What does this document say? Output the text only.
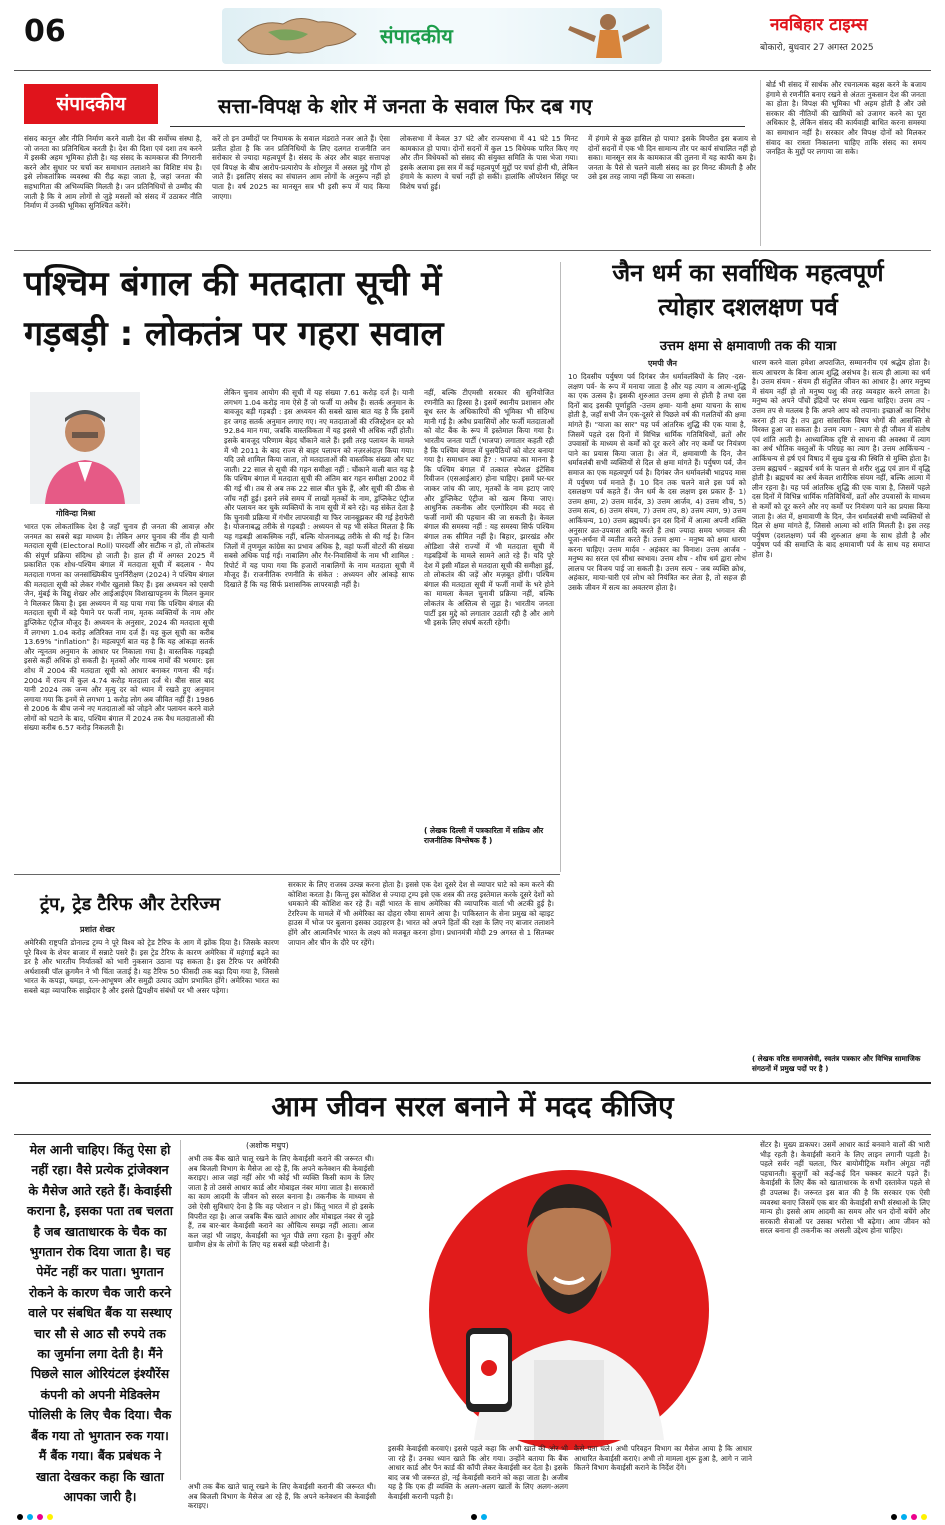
06	संपादकीय	नवबिहार टाइम्स
बोकारो, बुधवार 27 अगस्त 2025
संपादकीय	सत्ता-विपक्ष के शोर में जनता के सवाल फिर दब गए
संसद कानून और नीति निर्माण करने वाली देश की सर्वोच्च संस्था है, जो जनता का प्रतिनिधित्व करती है। देश की दिशा एवं दशा तय करने में इसकी अहम भूमिका होती है। यह संसद के कामकाज की निगरानी करने और सुधार पर चर्चा कर समाधान तलाशने का विशिष्ट मंच है। इसे लोकतांत्रिक व्यवस्था की रीढ़ कहा जाता है, जहां जनता की सहभागिता की अभिव्यक्ति मिलती है। जन प्रतिनिधियों से उम्मीद की जाती है कि वे आम लोगों से जुड़े मसलों को संसद में उठाकर नीति निर्माण में उनकी भूमिका सुनिश्चित करेंगे।
करें तो इन उम्मीदों पर नियामक के सवाल मंडराते नजर आते हैं। ऐसा प्रतीत होता है कि जन प्रतिनिधियों के लिए दलगत राजनीति जन सरोकार से ज्यादा महत्वपूर्ण है। संसद के अंदर और बाहर सत्तापक्ष एवं विपक्ष के बीच आरोप-प्रत्यारोप के शोरगुल में असल मुद्दे गौण हो जाते हैं। इसलिए संसद का संचालन आम लोगों के अनुरूप नहीं हो पाता है। वर्ष 2025 का मानसून सत्र भी इसी रूप में याद किया जाएगा।
लोकसभा में केवल 37 घंटे और राज्यसभा में 41 घंटे 15 मिनट कामकाज हो पाया। दोनों सदनों में कुल 15 विधेयक पारित किए गए और तीन विधेयकों को संसद की संयुक्त समिति के पास भेजा गया। इसके अलावा इस सत्र में कई महत्वपूर्ण मुद्दों पर चर्चा होनी थी, लेकिन हंगामे के कारण वे चर्चा नहीं हो सकीं। हालांकि ऑपरेशन सिंदूर पर विशेष चर्चा हुई।
में हंगामे से कुछ हासिल हो पाया? इसके विपरीत इस बजाय से दोनों सदनों में एक भी दिन सामान्य तौर पर कार्य संचालित नहीं हो सका। मानसून सत्र के कामकाज की तुलना में यह काफी कम है। जनता के पैसे से चलने वाली संसद का हर मिनट कीमती है और उसे इस तरह जाया नहीं किया जा सकता।
बोर्ड भी संसद में सार्थक और रचनात्मक बहस करने के बजाय हंगामे से रणनीति बनाए रखने से अंततः नुकसान देश की जनता का होता है। विपक्ष की भूमिका भी अहम होती है और उसे सरकार की नीतियों की खामियों को उजागर करने का पूरा अधिकार है, लेकिन संसद की कार्यवाही बाधित करना समस्या का समाधान नहीं है। सरकार और विपक्ष दोनों को मिलकर संवाद का रास्ता निकालना चाहिए ताकि संसद का समय जनहित के मुद्दों पर लगाया जा सके।
पश्चिम बंगाल की मतदाता सूची में
गड़बड़ी : लोकतंत्र पर गहरा सवाल
गोविन्दा मिश्रा
भारत एक लोकतांत्रिक देश है जहाँ चुनाव ही जनता की आवाज़ और जनमत का सबसे बड़ा माध्यम है। लेकिन अगर चुनाव की नींव ही यानी मतदाता सूची (Electoral Roll) पारदर्शी और सटीक न हो, तो लोकतंत्र की संपूर्ण प्रक्रिया संदिग्ध हो जाती है। हाल ही में अगस्त 2025 में प्रकाशित एक शोध-पश्चिम बंगाल में मतदाता सूची में बदलाव - मैप मतदाता गणना का जनसांख्यिकीय पुनर्निरीक्षण (2024) ने पश्चिम बंगाल की मतदाता सूची को लेकर गंभीर खुलासे किए हैं। इस अध्ययन को एसपी जैन, मुंबई के विद्यु शेखर और आईआईएम विशाखापट्टनम के मिलन कुमार ने मिलकर किया है। इस अध्ययन में यह पाया गया कि पश्चिम बंगाल की मतदाता सूची में बड़े पैमाने पर फर्जी नाम, मृतक व्यक्तियों के नाम और डुप्लिकेट एंट्रीज मौजूद हैं। अध्ययन के अनुसार, 2024 की मतदाता सूची में लगभग 1.04 करोड़ अतिरिक्त नाम दर्ज हैं। यह कुल सूची का करीब 13.69% "inflation" है। महत्वपूर्ण बात यह है कि यह आंकड़ा सतर्क और न्यूनतम अनुमान के आधार पर निकाला गया है। वास्तविक गड़बड़ी इससे कहीं अधिक हो सकती है। मृतकों और गायब नामों की भरमार: इस शोध में 2004 की मतदाता सूची को आधार बनाकर गणना की गई। 2004 में राज्य में कुल 4.74 करोड़ मतदाता दर्ज थे। बीस साल बाद यानी 2024 तक जन्म और मृत्यु दर को ध्यान में रखते हुए अनुमान लगाया गया कि इनमें से लगभग 1 करोड़ लोग अब जीवित नहीं हैं। 1986 से 2006 के बीच जन्मे नए मतदाताओं को जोड़ने और पलायन करने वाले लोगों को घटाने के बाद, पश्चिम बंगाल में 2024 तक वैध मतदाताओं की संख्या करीब 6.57 करोड़ निकलती है।
लेकिन चुनाव आयोग की सूची में यह संख्या 7.61 करोड़ दर्ज है। यानी लगभग 1.04 करोड़ नाम ऐसे हैं जो फर्जी या अवैध हैं। सतर्क अनुमान के बावजूद बड़ी गड़बड़ी : इस अध्ययन की सबसे खास बात यह है कि इसमें हर जगह सतर्क अनुमान लगाए गए। नए मतदाताओं की रजिस्ट्रेशन दर को 92.84 मान गया, जबकि वास्तविकता में यह इससे भी अधिक नहीं होती। इसके बावजूद परिणाम बेहद चौंकाने वाले हैं। इसी तरह पलायन के मामले में भी 2011 के बाद राज्य से बाहर पलायन को नज़रअंदाज़ किया गया। यदि उसे शामिल किया जाता, तो मतदाताओं की वास्तविक संख्या और घट जाती। 22 साल से सूची की गहन समीक्षा नहीं : चौंकाने वाली बात यह है कि पश्चिम बंगाल में मतदाता सूची की अंतिम बार गहन समीक्षा 2002 में की गई थी। तब से अब तक 22 साल बीत चुके हैं, और सूची की ठीक से जाँच नहीं हुई। इसने लंबे समय में लाखों मृतकों के नाम, डुप्लिकेट एंट्रीज और पलायन कर चुके व्यक्तियों के नाम सूची में बने रहे। यह संकेत देता है कि चुनावी प्रक्रिया में गंभीर लापरवाही या फिर जानबूझकर की गई हेराफेरी है। योजनाबद्ध तरीके से गड़बड़ी : अध्ययन से यह भी संकेत मिलता है कि यह गड़बड़ी आकस्मिक नहीं, बल्कि योजनाबद्ध तरीके से की गई है। जिन जिलों में तृणमूल कांग्रेस का प्रभाव अधिक है, वहां फर्जी वोटरों की संख्या सबसे अधिक पाई गई। नाबालिग और गैर-निवासियों के नाम भी शामिल : रिपोर्ट में यह पाया गया कि हजारों नाबालिगों के नाम मतदाता सूची में मौजूद हैं। राजनीतिक रणनीति के संकेत : अध्ययन और आंकड़े साफ दिखाते हैं कि यह सिर्फ प्रशासनिक लापरवाही नहीं है।
नहीं, बल्कि टीएमसी सरकार की सुनियोजित रणनीति का हिस्सा है। इसमें स्थानीय प्रशासन और बूथ स्तर के अधिकारियों की भूमिका भी संदिग्ध मानी गई है। अवैध प्रवासियों और फर्जी मतदाताओं को वोट बैंक के रूप में इस्तेमाल किया गया है। भारतीय जनता पार्टी (भाजपा) लगातार कहती रही है कि पश्चिम बंगाल में घुसपैठियों को वोटर बनाया गया है। समाधान क्या है? : भाजपा का मानना है कि पश्चिम बंगाल में तत्काल स्पेशल इंटेंसिव रिवीजन (एसआईआर) होना चाहिए। इसमें घर-घर जाकर जांच की जाए, मृतकों के नाम हटाए जाएं और डुप्लिकेट एंट्रीज को खत्म किया जाए। आधुनिक तकनीक और एल्गोरिदम की मदद से फर्जी नामों की पहचान की जा सकती है। केवल बंगाल की समस्या नहीं : यह समस्या सिर्फ पश्चिम बंगाल तक सीमित नहीं है। बिहार, झारखंड और ओडिशा जैसे राज्यों में भी मतदाता सूची में गड़बड़ियों के मामले सामने आते रहे हैं। यदि पूरे देश में इसी मॉडल से मतदाता सूची की समीक्षा हुई, तो लोकतंत्र की जड़ें और मज़बूत होंगी। पश्चिम बंगाल की मतदाता सूची में फर्जी नामों के भरे होने का मामला केवल चुनावी प्रक्रिया नहीं, बल्कि लोकतंत्र के अस्तित्व से जुड़ा है। भारतीय जनता पार्टी इस मुद्दे को लगातार उठाती रही है और आगे भी इसके लिए संघर्ष करती रहेगी।
( लेखक दिल्ली में पत्रकारिता में सक्रिय और राजनीतिक विश्लेषक हैं )
जैन धर्म का सर्वाधिक महत्वपूर्ण
त्योहार दशलक्षण पर्व
उत्तम क्षमा से क्षमावाणी तक की यात्रा
एमपी जैन
10 दिवसीय पर्युषण पर्व दिगंबर जैन धर्मावलंबियों के लिए -दस-लक्षण पर्व- के रूप में मनाया जाता है और यह त्याग व आत्म-शुद्धि का एक उत्सव है। इसकी शुरुआत उत्तम क्षमा से होती है तथा दस दिनों बाद इसकी पूर्णाहुति -उत्तम क्षमा- यानी क्षमा याचना के साथ होती है, जहाँ सभी जैन एक-दूसरे से पिछले वर्ष की गलतियों की क्षमा मांगते हैं। "याजा का सार" यह पर्व आंतरिक शुद्धि की एक यात्रा है, जिसमें पहले दस दिनों में विभिन्न धार्मिक गतिविधियों, व्रतों और उपवासों के माध्यम से कर्मों को दूर करने और नए कर्मों पर नियंत्रण पाने का प्रयास किया जाता है। अंत में, क्षमावाणी के दिन, जैन धर्मावलंबी सभी व्यक्तियों से दिल से क्षमा मांगते हैं। पर्युषण पर्व, जैन समाज का एक महत्वपूर्ण पर्व है। दिगंबर जैन धर्मावलंबी भाद्रपद मास में पर्युषण पर्व मनाते हैं। 10 दिन तक चलने वाले इस पर्व को दसलक्षण पर्व कहते हैं। जैन धर्म के दस लक्षण इस प्रकार हैं- 1) उत्तम क्षमा, 2) उत्तम मार्दव, 3) उत्तम आर्जव, 4) उत्तम शौच, 5) उत्तम सत्य, 6) उत्तम संयम, 7) उत्तम तप, 8) उत्तम त्याग, 9) उत्तम आकिंचन्य, 10) उत्तम ब्रह्मचर्य। इन दस दिनों में आत्मा अपनी शक्ति अनुसार व्रत-उपवास आदि करते हैं तथा ज्यादा समय भगवान की पूजा-अर्चना में व्यतीत करते हैं। उत्तम क्षमा - मनुष्य को क्षमा धारण करना चाहिए। उत्तम मार्दव - अहंकार का विनाश। उत्तम आर्जव - मनुष्य का सरल एवं सीधा स्वभाव। उत्तम शौच - शौच धर्म द्वारा लोभ लालच पर विजय पाई जा सकती है। उत्तम सत्य - जब व्यक्ति क्रोध, अहंकार, माया-चारी एवं लोभ को नियंत्रित कर लेता है, तो सहज ही उसके जीवन में सत्य का अवतरण होता है।
धारण करने वाला हमेशा अपराजित, सम्माननीय एवं श्रद्धेय होता है। सत्य आचरण के बिना आत्म शुद्धि असंभव है। सत्य ही आत्मा का धर्म है। उत्तम संयम - संयम ही संतुलित जीवन का आधार है। अगर मनुष्य में संयम नहीं हो तो मनुष्य पशु की तरह व्यवहार करने लगता है। मनुष्य को अपने पाँचों इंद्रियों पर संयम रखना चाहिए। उत्तम तप - उत्तम तप से मतलब है कि अपने आप को तपाना। इच्छाओं का निरोध करना ही तप है। तप द्वारा सांसारिक विषय भोगों की आसक्ति से विरक्त हुआ जा सकता है। उत्तम त्याग - त्याग से ही जीवन में संतोष एवं शांति आती है। आध्यात्मिक दृष्टि से साधना की अवस्था में त्याग का अर्थ भौतिक वस्तुओं के परिग्रह का त्याग है। उत्तम आकिंचन्य - आकिंचन्य से हर्ष एवं विषाद में सुख दुःख की स्थिति से मुक्ति होता है। उत्तम ब्रह्मचर्य - ब्रह्मचर्य धर्म के पालन से शरीर शुद्ध एवं ज्ञान में वृद्धि होती है। ब्रह्मचर्य का अर्थ केवल शारीरिक संयम नहीं, बल्कि आत्मा में लीन रहना है। यह पर्व आंतरिक शुद्धि की एक यात्रा है, जिसमें पहले दस दिनों में विभिन्न धार्मिक गतिविधियों, व्रतों और उपवासों के माध्यम से कर्मों को दूर करने और नए कर्मों पर नियंत्रण पाने का प्रयास किया जाता है। अंत में, क्षमावाणी के दिन, जैन धर्मावलंबी सभी व्यक्तियों से दिल से क्षमा मांगते हैं, जिससे आत्मा को शांति मिलती है। इस तरह पर्युषण (दशलक्षण) पर्व की शुरुआत क्षमा के साथ होती है और पर्युषण पर्व की समाप्ति के बाद क्षमावाणी पर्व के साथ यह समाप्त होता है।
( लेखक वरिष्ठ समाजसेवी, स्वतंत्र पत्रकार और विभिन्न सामाजिक संगठनों में प्रमुख पदों पर है )
ट्रंप, ट्रेड टैरिफ और टेररिज्म
प्रशांत शेखर
अमेरिकी राष्ट्रपति डोनाल्ड ट्रम्प ने पूरे विश्व को ट्रेड टैरिफ के आग में झोंक दिया है। जिसके कारण पूरे विश्व के शेयर बाजार में सन्नाटे पसरे हैं। इस ट्रेड टैरिफ के कारण अमेरिका में महंगाई बढ़ने का डर है और भारतीय निर्यातकों को भारी नुकसान उठाना पड़ सकता है। इस टैरिफ पर अमेरिकी अर्थशास्त्री पॉल क्रुगमैन ने भी चिंता जताई है। यह टैरिफ 50 फीसदी तक बढ़ा दिया गया है, जिससे भारत के कपड़ा, चमड़ा, रत्न-आभूषण और समुद्री उत्पाद उद्योग प्रभावित होंगे। अमेरिका भारत का सबसे बड़ा व्यापारिक साझेदार है और इससे द्विपक्षीय संबंधों पर भी असर पड़ेगा।
सरकार के लिए राजस्व उत्पन्न करना होता है। इससे एक देश दूसरे देश से व्यापार घाटे को कम करने की कोशिश करता है। किन्तु इस कोशिश से ज्यादा ट्रम्प इसे एक शस्त्र की तरह इस्तेमाल करके दूसरे देशों को धमकाने की कोशिश कर रहे हैं। वहीं भारत के साथ अमेरिका की व्यापारिक वार्ता भी अटकी हुई है। टेररिज्म के मामले में भी अमेरिका का दोहरा रवैया सामने आया है। पाकिस्तान के सेना प्रमुख को व्हाइट हाउस में भोज पर बुलाना इसका उदाहरण है। भारत को अपने हितों की रक्षा के लिए नए बाजार तलाशने होंगे और आत्मनिर्भर भारत के लक्ष्य को मजबूत करना होगा। प्रधानमंत्री मोदी 29 अगस्त से 1 सितम्बर जापान और चीन के दौरे पर रहेंगे।
आम जीवन सरल बनाने में मदद कीजिए
मेल आनी चाहिए। किंतु ऐसा हो नहीं रहा। वैसे प्रत्येक ट्रांजेक्शन के मैसेज आते रहते हैं। केवाईसी कराना है, इसका पता तब चलता है जब खाताधारक के चैक का भुगतान रोक दिया जाता है। चह पेमेंट नहीं कर पाता। भुगतान रोकने के कारण चैक जारी करने वाले पर संबधित बैंक या सस्थाए चार सौ से आठ सौ रुपये तक का जुर्माना लगा देती है। मैंने पिछले साल ओरियंटल इंश्यौरेंस कंपनी को अपनी मेडिक्लेम पोलिसी के लिए चैक दिया। चैक बैंक गया तो भुगतान रुक गया। मैं बैंक गया। बैंक प्रबंधक ने खाता देखकर कहा कि खाता आपका जारी है।
(अशोक मधुप)
अभी तक बैंक खाते चालू रखने के लिए केवाईसी कराने की जरूरत थी। अब बिजली विभाग के मैसेज आ रहे हैं, कि अपने कनेक्शन की केवाईसी कराइए। आज जहां नहीं ओर भी कोई भी व्यक्ति किसी काम के लिए जाता है तो उससे आधार कार्ड और मोबाइल नंबर मांगा जाता है। सरकारों का काम आदमी के जीवन को सरल बनाना है। तकनीक के माध्यम से उसे ऐसी सुविधाएं देना है कि वह परेशान न हो। किंतु भारत में हो इसके विपरीत रहा है। आज जबकि बैंक खाते आधार और मोबाइल नंबर से जुड़े हैं, तब बार-बार केवाईसी कराने का औचित्य समझ नहीं आता। आज कल जहां भी जाइए, केवाईसी का भूत पीछे लगा रहता है। बुजुर्ग और ग्रामीण क्षेत्र के लोगों के लिए यह सबसे बड़ी परेशानी है।
इसकी केवाईसी करवाएं। इससे पहले कहा कि अभी खाते की ओर भी जा रहे हैं। उनका ध्यान खाते कि ओर गया। उन्होंने बताया कि बैंक आधार कार्ड और पैन कार्ड की कॉपी लेकर केवाईसी कर देता है। इसके बाद जब भी जरूरत हो, नई केवाईसी कराने को कहा जाता है। अजीब यह है कि एक ही व्यक्ति के अलग-अलग खातों के लिए अलग-अलग केवाईसी करानी पड़ती है।
सेंटर है। मुख्य डाकघर। उसमें आधार कार्ड बनवाने वालों की भारी भीड़ रहती है। केवाईसी कराने के लिए लाइन लगानी पड़ती है। पहले सर्वर नहीं चलता, फिर बायोमीट्रिक मशीन अंगूठा नहीं पहचानती। बुजुर्गों को कई-कई दिन चक्कर काटने पड़ते हैं। केवाईसी के लिए बैंक को खाताधारक के सभी दस्तावेज पहले से ही उपलब्ध हैं। जरूरत इस बात की है कि सरकार एक ऐसी व्यवस्था बनाए जिसमें एक बार की केवाईसी सभी संस्थाओं के लिए मान्य हो। इससे आम आदमी का समय और धन दोनों बचेंगे और सरकारी सेवाओं पर उसका भरोसा भी बढ़ेगा। आम जीवन को सरल बनाना ही तकनीक का असली उद्देश्य होना चाहिए।
अभी तक बैंक खाते चालू रखने के लिए केवाईसी करानी की जरूरत थी। अब बिजली विभाग के मैसेज आ रहे हैं, कि अपने कनेक्शन की केवाईसी कराइए।
कैसे पता चले। अभी परिवहन विभाग का मैसेज आया है कि आधार आधारित केवाईसी कराएं। अभी तो मामला शुरू हुआ है, आगे न जाने कितने विभाग केवाईसी कराने के निर्देश देंगे।
